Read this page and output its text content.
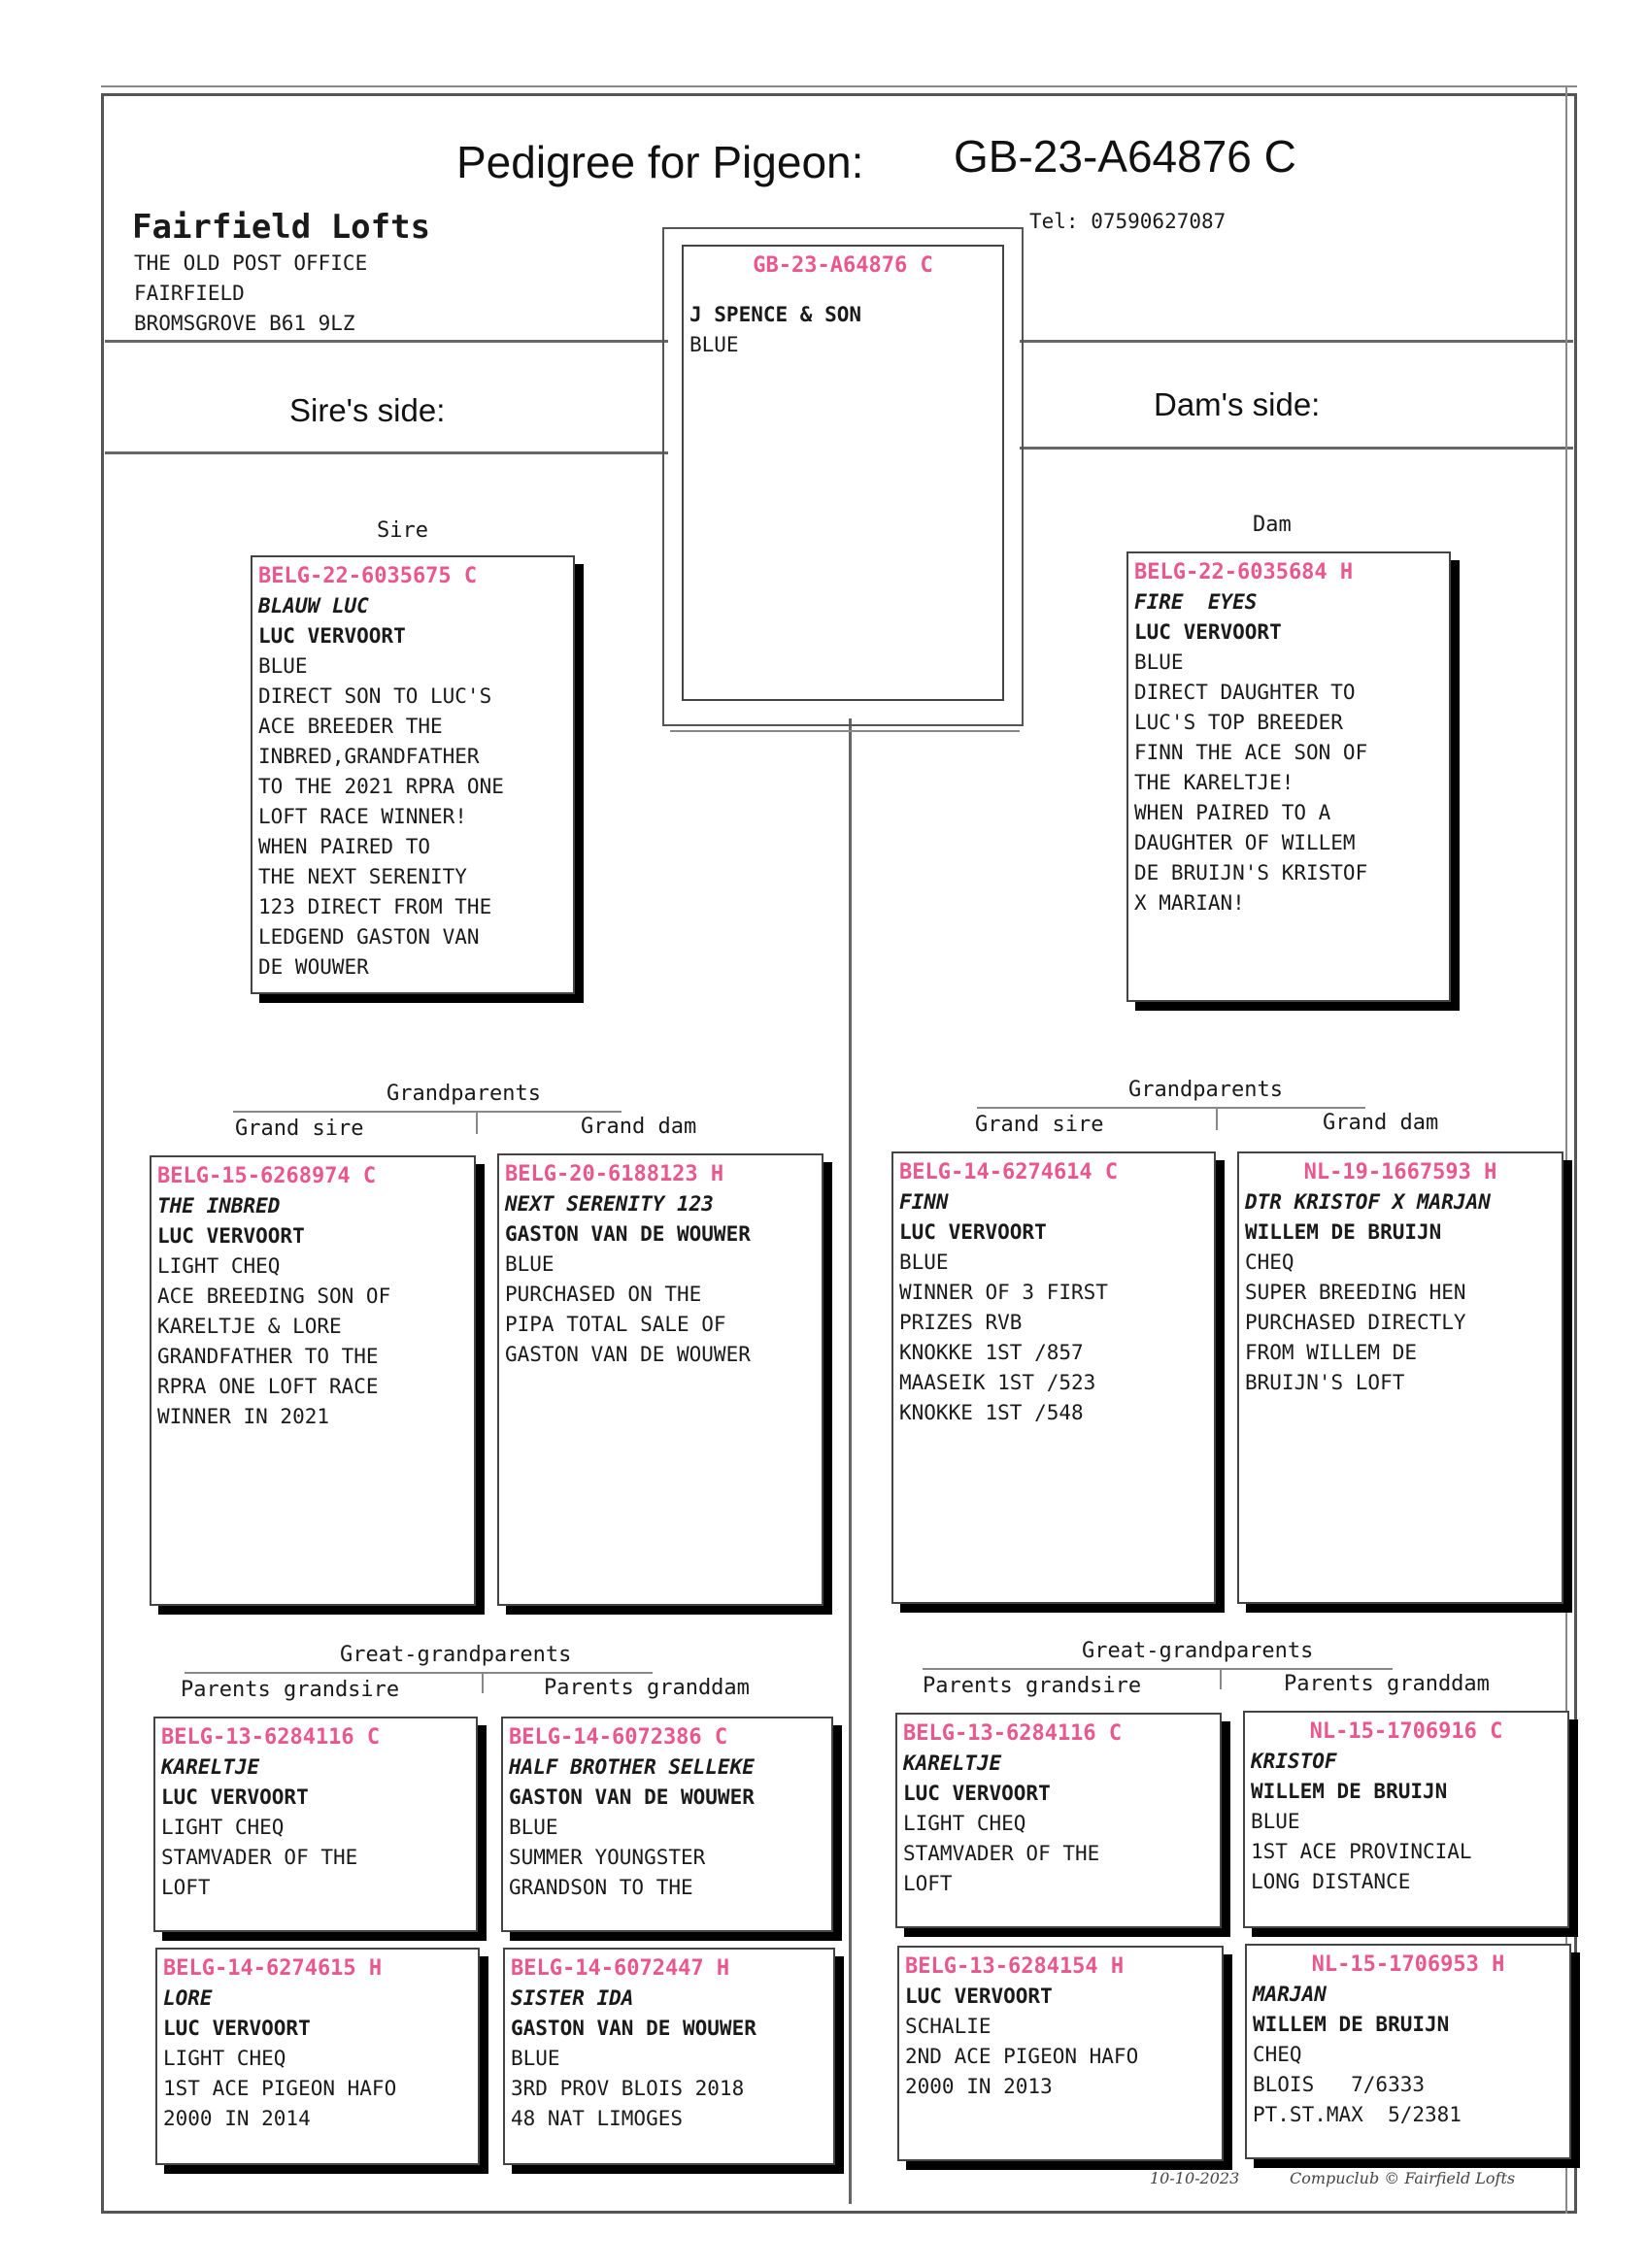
Pedigree for Pigeon: GB-23-A64876 C
Fairfield Lofts
THE OLD POST OFFICE
FAIRFIELD
BROMSGROVE B61 9LZ
Tel: 07590627087
Sire's side:	Dam's side:
GB-23-A64876 C
J SPENCE & SON
BLUE
Sire	Dam
BELG-22-6035675 C
BLAUW LUC
LUC VERVOORT
BLUE
DIRECT SON TO LUC'S
ACE BREEDER THE
INBRED,GRANDFATHER
TO THE 2021 RPRA ONE
LOFT RACE WINNER!
WHEN PAIRED TO
THE NEXT SERENITY
123 DIRECT FROM THE
LEDGEND GASTON VAN
DE WOUWER
BELG-22-6035684 H
FIRE  EYES
LUC VERVOORT
BLUE
DIRECT DAUGHTER TO
LUC'S TOP BREEDER
FINN THE ACE SON OF
THE KARELTJE!
WHEN PAIRED TO A
DAUGHTER OF WILLEM
DE BRUIJN'S KRISTOF
X MARIAN!
Grandparents
Grand sire	Grand dam
Grandparents
Grand sire	Grand dam
BELG-15-6268974 C
THE INBRED
LUC VERVOORT
LIGHT CHEQ
ACE BREEDING SON OF
KARELTJE & LORE
GRANDFATHER TO THE
RPRA ONE LOFT RACE
WINNER IN 2021
BELG-20-6188123 H
NEXT SERENITY 123
GASTON VAN DE WOUWER
BLUE
PURCHASED ON THE
PIPA TOTAL SALE OF
GASTON VAN DE WOUWER
BELG-14-6274614 C
FINN
LUC VERVOORT
BLUE
WINNER OF 3 FIRST
PRIZES RVB
KNOKKE 1ST /857
MAASEIK 1ST /523
KNOKKE 1ST /548
NL-19-1667593 H
DTR KRISTOF X MARJAN
WILLEM DE BRUIJN
CHEQ
SUPER BREEDING HEN
PURCHASED DIRECTLY
FROM WILLEM DE
BRUIJN'S LOFT
Great-grandparents
Parents grandsire	Parents granddam
Great-grandparents
Parents grandsire	Parents granddam
BELG-13-6284116 C
KARELTJE
LUC VERVOORT
LIGHT CHEQ
STAMVADER OF THE
LOFT
BELG-14-6072386 C
HALF BROTHER SELLEKE
GASTON VAN DE WOUWER
BLUE
SUMMER YOUNGSTER
GRANDSON TO THE
BELG-13-6284116 C
KARELTJE
LUC VERVOORT
LIGHT CHEQ
STAMVADER OF THE
LOFT
NL-15-1706916 C
KRISTOF
WILLEM DE BRUIJN
BLUE
1ST ACE PROVINCIAL
LONG DISTANCE
BELG-14-6274615 H
LORE
LUC VERVOORT
LIGHT CHEQ
1ST ACE PIGEON HAFO
2000 IN 2014
BELG-14-6072447 H
SISTER IDA
GASTON VAN DE WOUWER
BLUE
3RD PROV BLOIS 2018
48 NAT LIMOGES
BELG-13-6284154 H
LUC VERVOORT
SCHALIE
2ND ACE PIGEON HAFO
2000 IN 2013
NL-15-1706953 H
MARJAN
WILLEM DE BRUIJN
CHEQ
BLOIS   7/6333
PT.ST.MAX  5/2381
10-10-2023	Compuclub © Fairfield Lofts
